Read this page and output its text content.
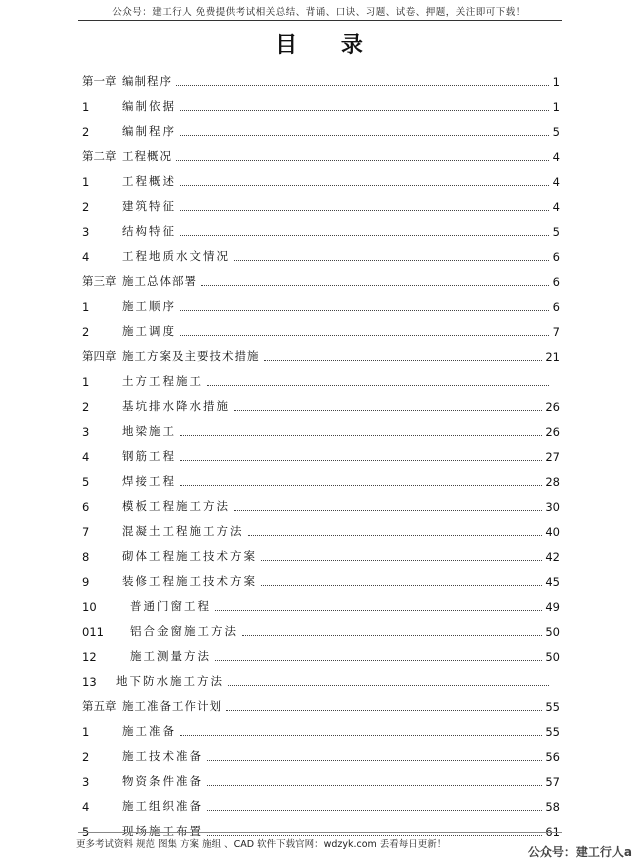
公众号：建工行人 免费提供考试相关总结、背诵、口诀、习题、试卷、押题，关注即可下载！
目 录
第一章 编制程序	1
1	编制依据	1
2	编制程序	5
第二章 工程概况	4
1	工程概述	4
2	建筑特征	4
3	结构特征	5
4	工程地质水文情况	6
第三章 施工总体部署	6
1	施工顺序	6
2	施工调度	7
第四章 施工方案及主要技术措施	21
1	土方工程施工
2	基坑排水降水措施	26
3	地梁施工	26
4	钢筋工程	27
5	焊接工程	28
6	模板工程施工方法	30
7	混凝土工程施工方法	40
8	砌体工程施工技术方案	42
9	装修工程施工技术方案	45
10	普通门窗工程	49
011	铝合金窗施工方法	50
12	施工测量方法	50
13	地下防水施工方法
第五章 施工准备工作计划	55
1	施工准备	55
2	施工技术准备	56
3	物资条件准备	57
4	施工组织准备	58
5	现场施工布置	61
更多考试资料 规范 图集 方案 施组 、CAD 软件下载官网：wdzyk.com 丢看每日更新！
公众号：建工行人a
